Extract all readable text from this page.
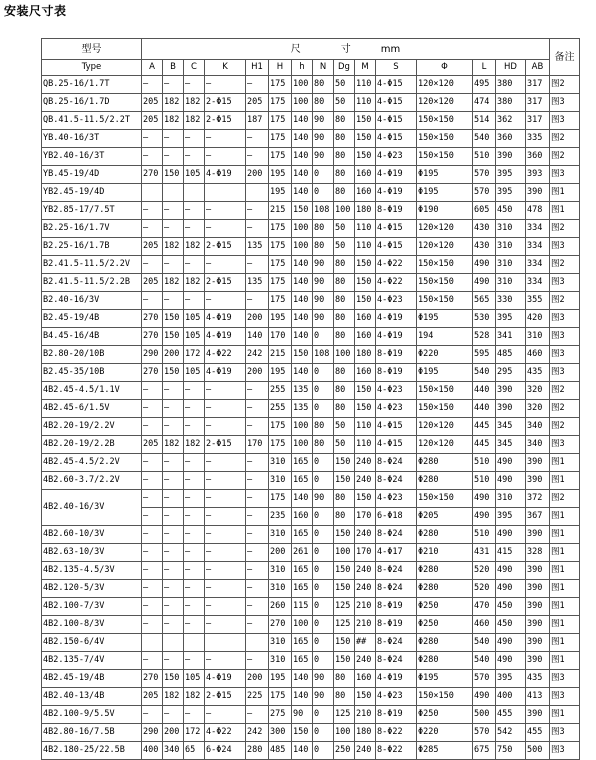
安装尺寸表
型号	尺　　　　寸　　　mm															备注
Type	A	B	C	K	H1	H	h	N	Dg	M	S	Φ	L	HD	AB	
QB.25-16/1.7T	—	—	—	—	—	175	100	80	50	110	4-Φ15	120×120	495	380	317	图2
QB.25-16/1.7D	205	182	182	2-Φ15	205	175	100	80	50	110	4-Φ15	120×120	474	380	317	图3
QB.41.5-11.5/2.2T	205	182	182	2-Φ15	187	175	140	90	80	150	4-Φ15	150×150	514	362	317	图3
YB.40-16/3T	—	—	—	—	—	175	140	90	80	150	4-Φ15	150×150	540	360	335	图2
YB2.40-16/3T	—	—	—	—	—	175	140	90	80	150	4-Φ23	150×150	510	390	360	图2
YB.45-19/4D	270	150	105	4-Φ19	200	195	140	0	80	160	4-Φ19	Φ195	570	395	393	图3
YB2.45-19/4D						195	140	0	80	160	4-Φ19	Φ195	570	395	390	图1
YB2.85-17/7.5T	—	—	—	—	—	215	150	108	100	180	8-Φ19	Φ190	605	450	478	图1
B2.25-16/1.7V	—	—	—	—	—	175	100	80	50	110	4-Φ15	120×120	430	310	334	图2
B2.25-16/1.7B	205	182	182	2-Φ15	135	175	100	80	50	110	4-Φ15	120×120	430	310	334	图3
B2.41.5-11.5/2.2V	—	—	—	—	—	175	140	90	80	150	4-Φ22	150×150	490	310	334	图2
B2.41.5-11.5/2.2B	205	182	182	2-Φ15	135	175	140	90	80	150	4-Φ22	150×150	490	310	334	图3
B2.40-16/3V	—	—	—	—	—	175	140	90	80	150	4-Φ23	150×150	565	330	355	图2
B2.45-19/4B	270	150	105	4-Φ19	200	195	140	90	80	160	4-Φ19	Φ195	530	395	420	图3
B4.45-16/4B	270	150	105	4-Φ19	140	170	140	0	80	160	4-Φ19	194	528	341	310	图3
B2.80-20/10B	290	200	172	4-Φ22	242	215	150	108	100	180	8-Φ19	Φ220	595	485	460	图3
B2.45-35/10B	270	150	105	4-Φ19	200	195	140	0	80	160	8-Φ19	Φ195	540	295	435	图3
4B2.45-4.5/1.1V	—	—	—	—	—	255	135	0	80	150	4-Φ23	150×150	440	390	320	图2
4B2.45-6/1.5V	—	—	—	—	—	255	135	0	80	150	4-Φ23	150×150	440	390	320	图2
4B2.20-19/2.2V	—	—	—	—	—	175	100	80	50	110	4-Φ15	120×120	445	345	340	图2
4B2.20-19/2.2B	205	182	182	2-Φ15	170	175	100	80	50	110	4-Φ15	120×120	445	345	340	图3
4B2.45-4.5/2.2V	—	—	—	—	—	310	165	0	150	240	8-Φ24	Φ280	510	490	390	图1
4B2.60-3.7/2.2V	—	—	—	—	—	310	165	0	150	240	8-Φ24	Φ280	510	490	390	图1
4B2.40-16/3V	—	—	—	—	—	175	140	90	80	150	4-Φ23	150×150	490	310	372	图2
	—	—	—	—	—	235	160	0	80	170	6-Φ18	Φ205	490	395	367	图1
4B2.60-10/3V	—	—	—	—	—	310	165	0	150	240	8-Φ24	Φ280	510	490	390	图1
4B2.63-10/3V	—	—	—	—	—	200	261	0	100	170	4-Φ17	Φ210	431	415	328	图1
4B2.135-4.5/3V	—	—	—	—	—	310	165	0	150	240	8-Φ24	Φ280	520	490	390	图1
4B2.120-5/3V	—	—	—	—	—	310	165	0	150	240	8-Φ24	Φ280	520	490	390	图1
4B2.100-7/3V	—	—	—	—	—	260	115	0	125	210	8-Φ19	Φ250	470	450	390	图1
4B2.100-8/3V	—	—	—	—	—	270	100	0	125	210	8-Φ19	Φ250	460	450	390	图1
4B2.150-6/4V						310	165	0	150	##	8-Φ24	Φ280	540	490	390	图1
4B2.135-7/4V	—	—	—	—	—	310	165	0	150	240	8-Φ24	Φ280	540	490	390	图1
4B2.45-19/4B	270	150	105	4-Φ19	200	195	140	90	80	160	4-Φ19	Φ195	570	395	435	图3
4B2.40-13/4B	205	182	182	2-Φ15	225	175	140	90	80	150	4-Φ23	150×150	490	400	413	图3
4B2.100-9/5.5V	—	—	—	—	—	275	90	0	125	210	8-Φ19	Φ250	500	455	390	图1
4B2.80-16/7.5B	290	200	172	4-Φ22	242	300	150	0	100	180	8-Φ22	Φ220	570	542	455	图3
4B2.180-25/22.5B	400	340	65	6-Φ24	280	485	140	0	250	240	8-Φ22	Φ285	675	750	500	图3
